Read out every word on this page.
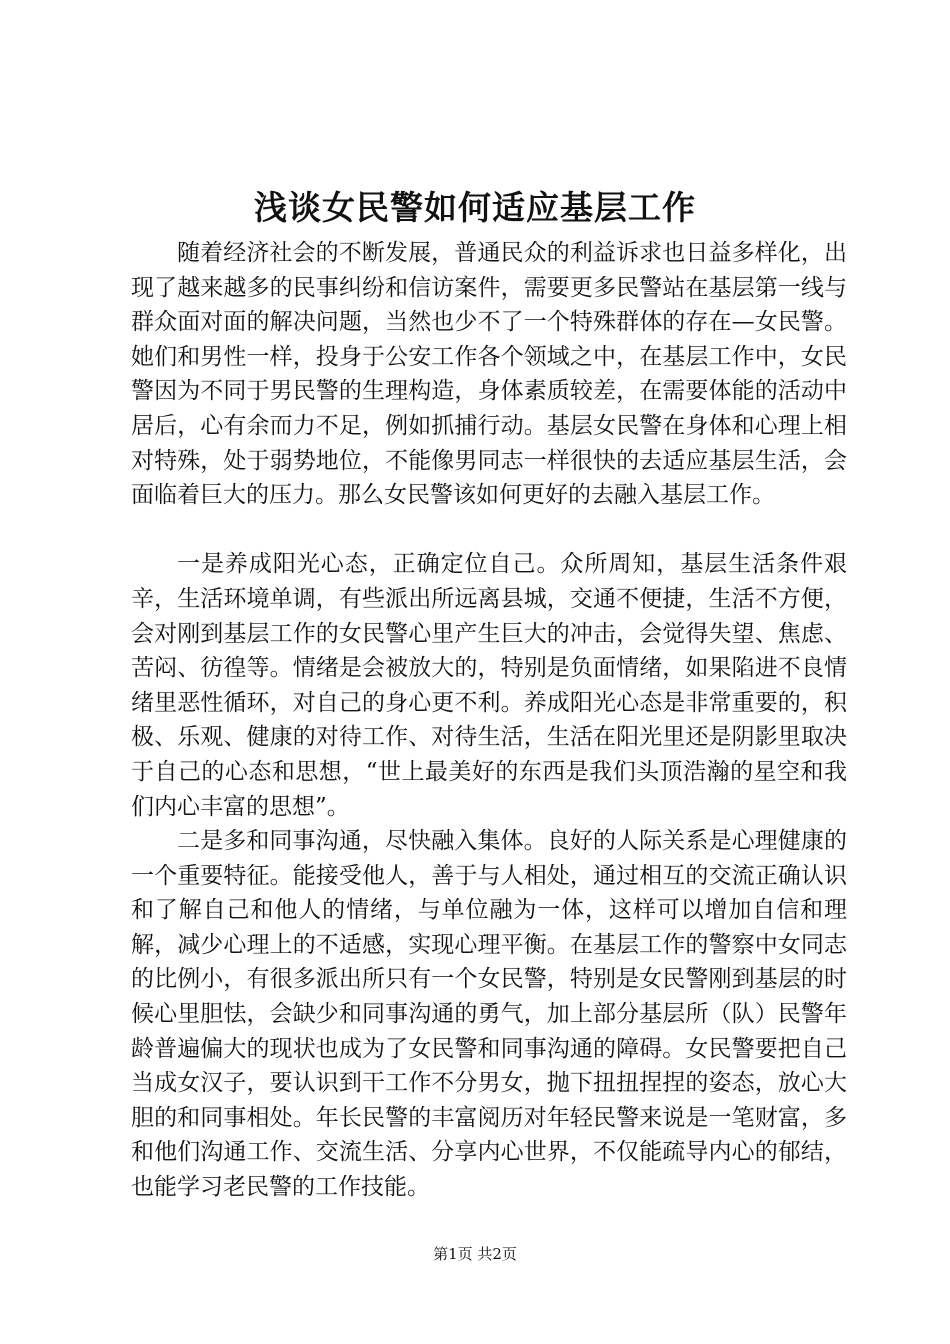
浅谈女民警如何适应基层工作

随着经济社会的不断发展，普通民众的利益诉求也日益多样化，出现了越来越多的民事纠纷和信访案件，需要更多民警站在基层第一线与群众面对面的解决问题，当然也少不了一个特殊群体的存在—女民警。她们和男性一样，投身于公安工作各个领域之中，在基层工作中，女民警因为不同于男民警的生理构造，身体素质较差，在需要体能的活动中居后，心有余而力不足，例如抓捕行动。基层女民警在身体和心理上相对特殊，处于弱势地位，不能像男同志一样很快的去适应基层生活，会面临着巨大的压力。那么女民警该如何更好的去融入基层工作。

一是养成阳光心态，正确定位自己。众所周知，基层生活条件艰辛，生活环境单调，有些派出所远离县城，交通不便捷，生活不方便，会对刚到基层工作的女民警心里产生巨大的冲击，会觉得失望、焦虑、苦闷、彷徨等。情绪是会被放大的，特别是负面情绪，如果陷进不良情绪里恶性循环，对自己的身心更不利。养成阳光心态是非常重要的，积极、乐观、健康的对待工作、对待生活，生活在阳光里还是阴影里取决于自己的心态和思想，“世上最美好的东西是我们头顶浩瀚的星空和我们内心丰富的思想”。

二是多和同事沟通，尽快融入集体。良好的人际关系是心理健康的一个重要特征。能接受他人，善于与人相处，通过相互的交流正确认识和了解自己和他人的情绪，与单位融为一体，这样可以增加自信和理解，减少心理上的不适感，实现心理平衡。在基层工作的警察中女同志的比例小，有很多派出所只有一个女民警，特别是女民警刚到基层的时候心里胆怯，会缺少和同事沟通的勇气，加上部分基层所（队）民警年龄普遍偏大的现状也成为了女民警和同事沟通的障碍。女民警要把自己当成女汉子，要认识到干工作不分男女，抛下扭扭捏捏的姿态，放心大胆的和同事相处。年长民警的丰富阅历对年轻民警来说是一笔财富，多和他们沟通工作、交流生活、分享内心世界，不仅能疏导内心的郁结，也能学习老民警的工作技能。

第1页 共2页
